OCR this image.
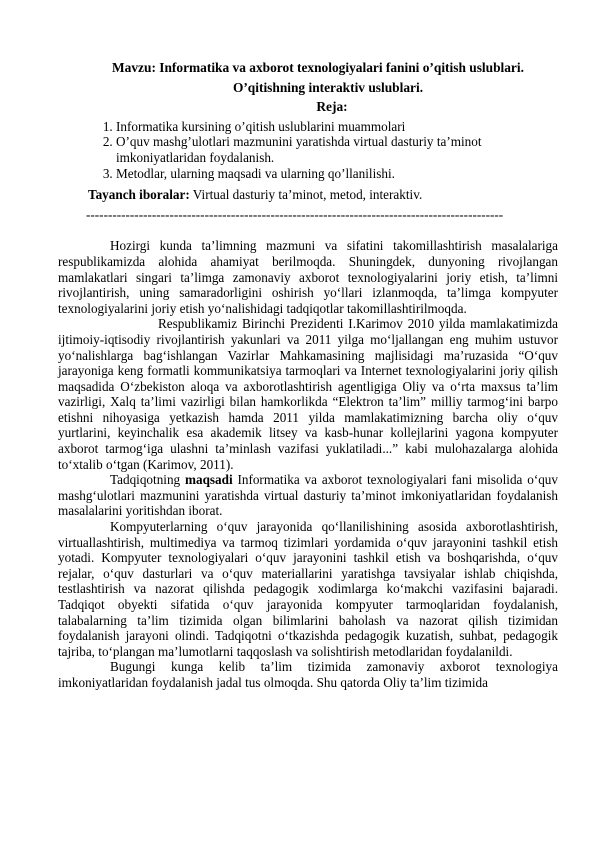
Mavzu: Informatika va axborot texnologiyalari fanini o’qitish uslublari.
O’qitishning interaktiv uslublari.
Reja:
1. Informatika kursining o’qitish uslublarini muammolari
2. O’quv mashg’ulotlari mazmunini yaratishda virtual dasturiy ta’minot imkoniyatlaridan foydalanish.
3. Metodlar, ularning maqsadi va ularning qo’llanilishi.
Tayanch iboralar: Virtual dasturiy ta’minot, metod, interaktiv.
-----------------------------------------------------------------------------------------------

Hozirgi kunda ta’limning mazmuni va sifatini takomillashtirish masalalariga respublikamizda alohida ahamiyat berilmoqda. Shuningdek, dunyoning rivojlangan mamlakatlari singari ta’limga zamonaviy axborot texnologiyalarini joriy etish, ta’limni rivojlantirish, uning samaradorligini oshirish yo‘llari izlanmoqda, ta’limga kompyuter texnologiyalarini joriy etish yo‘nalishidagi tadqiqotlar takomillashtirilmoqda.

Respublikamiz Birinchi Prezidenti I.Karimov 2010 yilda mamlakatimizda ijtimoiy-iqtisodiy rivojlantirish yakunlari va 2011 yilga mo‘ljallangan eng muhim ustuvor yo‘nalishlarga bag‘ishlangan Vazirlar Mahkamasining majlisidagi ma’ruzasida “O‘quv jarayoniga keng formatli kommunikatsiya tarmoqlari va Internet texnologiyalarini joriy qilish maqsadida O‘zbekiston aloqa va axborotlashtirish agentligiga Oliy va o‘rta maxsus ta’lim vazirligi, Xalq ta’limi vazirligi bilan hamkorlikda “Elektron ta’lim” milliy tarmog‘ini barpo etishni nihoyasiga yetkazish hamda 2011 yilda mamlakatimizning barcha oliy o‘quv yurtlarini, keyinchalik esa akademik litsey va kasb-hunar kollejlarini yagona kompyuter axborot tarmog‘iga ulashni ta’minlash vazifasi yuklatiladi...” kabi mulohazalarga alohida to‘xtalib o‘tgan (Karimov, 2011).

Tadqiqotning maqsadi Informatika va axborot texnologiyalari fani misolida o‘quv mashg‘ulotlari mazmunini yaratishda virtual dasturiy ta’minot imkoniyatlaridan foydalanish masalalarini yoritishdan iborat.

Kompyuterlarning o‘quv jarayonida qo‘llanilishining asosida axborotlashtirish, virtuallashtirish, multimediya va tarmoq tizimlari yordamida o‘quv jarayonini tashkil etish yotadi. Kompyuter texnologiyalari o‘quv jarayonini tashkil etish va boshqarishda, o‘quv rejalar, o‘quv dasturlari va o‘quv materiallarini yaratishga tavsiyalar ishlab chiqishda, testlashtirish va nazorat qilishda pedagogik xodimlarga ko‘makchi vazifasini bajaradi. Tadqiqot obyekti sifatida o‘quv jarayonida kompyuter tarmoqlaridan foydalanish, talabalarning ta’lim tizimida olgan bilimlarini baholash va nazorat qilish tizimidan foydalanish jarayoni olindi. Tadqiqotni o‘tkazishda pedagogik kuzatish, suhbat, pedagogik tajriba, to‘plangan ma’lumotlarni taqqoslash va solishtirish metodlaridan foydalanildi.

Bugungi kunga kelib ta’lim tizimida zamonaviy axborot texnologiya imkoniyatlaridan foydalanish jadal tus olmoqda. Shu qatorda Oliy ta’lim tizimida
